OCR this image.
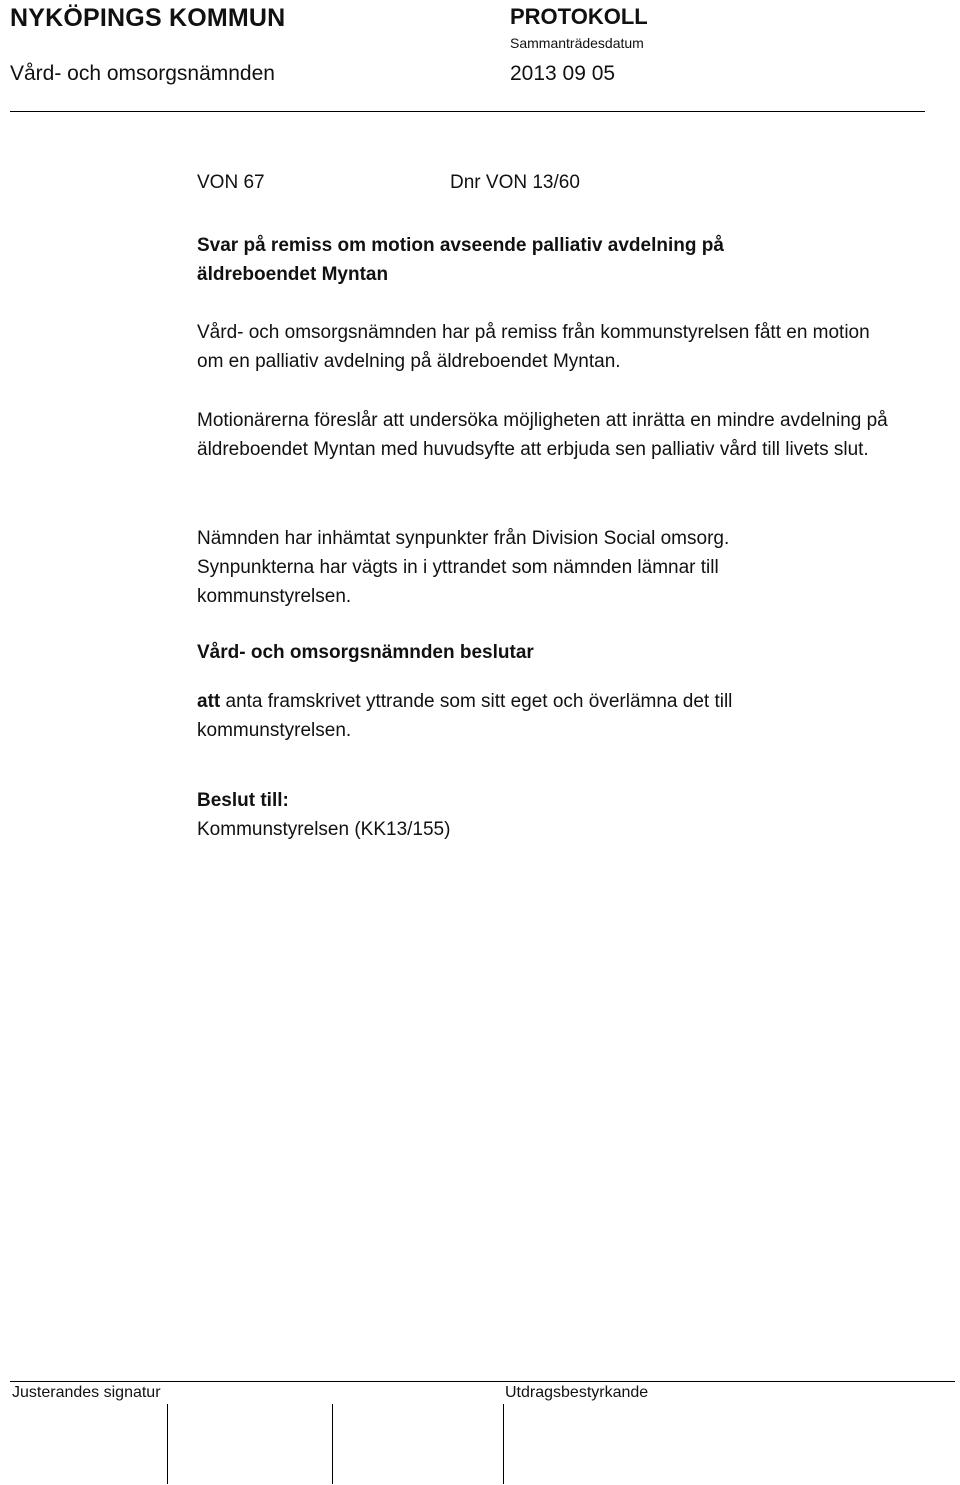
NYKÖPINGS KOMMUN	PROTOKOLL
Sammanträdesdatum
Vård- och omsorgsnämnden	2013 09 05
VON 67	Dnr VON 13/60
Svar på remiss om motion avseende palliativ avdelning på äldreboendet Myntan
Vård- och omsorgsnämnden har på remiss från kommunstyrelsen fått en motion om en palliativ avdelning på äldreboendet Myntan.
Motionärerna föreslår att undersöka möjligheten att inrätta en mindre avdelning på äldreboendet Myntan med huvudsyfte att erbjuda sen palliativ vård till livets slut.
Nämnden har inhämtat synpunkter från Division Social omsorg. Synpunkterna har vägts in i yttrandet som nämnden lämnar till kommunstyrelsen.
Vård- och omsorgsnämnden beslutar
att anta framskrivet yttrande som sitt eget och överlämna det till kommunstyrelsen.
Beslut till:
Kommunstyrelsen (KK13/155)
Justerandes signatur	Utdragsbestyrkande
